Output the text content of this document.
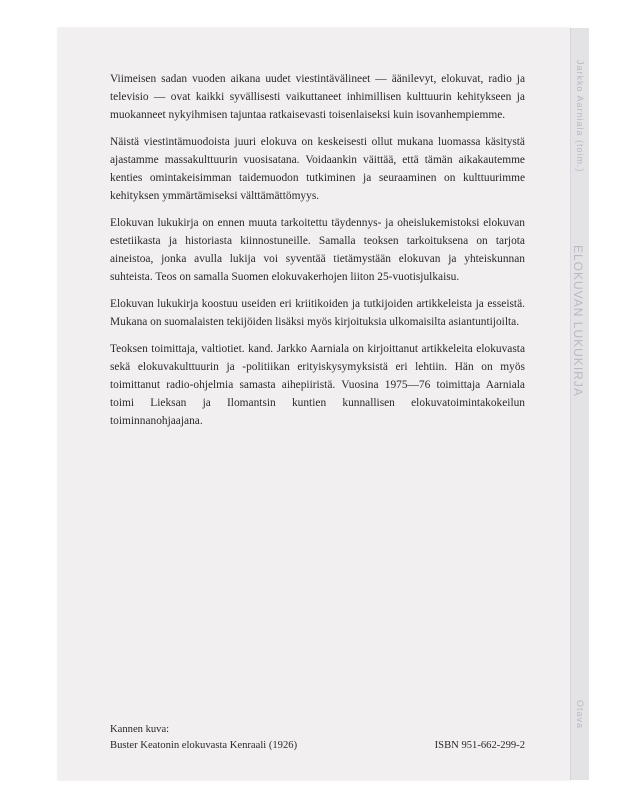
Jarkko Aarniala (toim.)
ELOKUVAN LUKUKIRJA
Otava

Viimeisen sadan vuoden aikana uudet viestintävälineet — äänilevyt, elokuvat, radio ja televisio — ovat kaikki syvällisesti vaikuttaneet inhimillisen kulttuurin kehitykseen ja muokanneet nykyihmisen tajuntaa ratkaisevasti toisenlaiseksi kuin isovanhempiemme.

Näistä viestintämuodoista juuri elokuva on keskeisesti ollut mukana luomassa käsitystä ajastamme massakulttuurin vuosisatana. Voidaankin väittää, että tämän aikakautemme kenties omintakeisimman taidemuodon tutkiminen ja seuraaminen on kulttuurimme kehityksen ymmärtämiseksi välttämättömyys.

Elokuvan lukukirja on ennen muuta tarkoitettu täydennys- ja oheislukemistoksi elokuvan estetiikasta ja historiasta kiinnostuneille. Samalla teoksen tarkoituksena on tarjota aineistoa, jonka avulla lukija voi syventää tietämystään elokuvan ja yhteiskunnan suhteista. Teos on samalla Suomen elokuvakerhojen liiton 25-vuotisjulkaisu.

Elokuvan lukukirja koostuu useiden eri kriitikoiden ja tutkijoiden artikkeleista ja esseistä. Mukana on suomalaisten tekijöiden lisäksi myös kirjoituksia ulkomaisilta asiantuntijoilta.

Teoksen toimittaja, valtiotiet. kand. Jarkko Aarniala on kirjoittanut artikkeleita elokuvasta sekä elokuvakulttuurin ja -politiikan erityiskysymyksistä eri lehtiin. Hän on myös toimittanut radio-ohjelmia samasta aihepiiristä. Vuosina 1975—76 toimittaja Aarniala toimi Lieksan ja Ilomantsin kuntien kunnallisen elokuvatoimintakokeilun toiminnanohjaajana.

Kannen kuva:
Buster Keatonin elokuvasta Kenraali (1926)	ISBN 951-662-299-2
